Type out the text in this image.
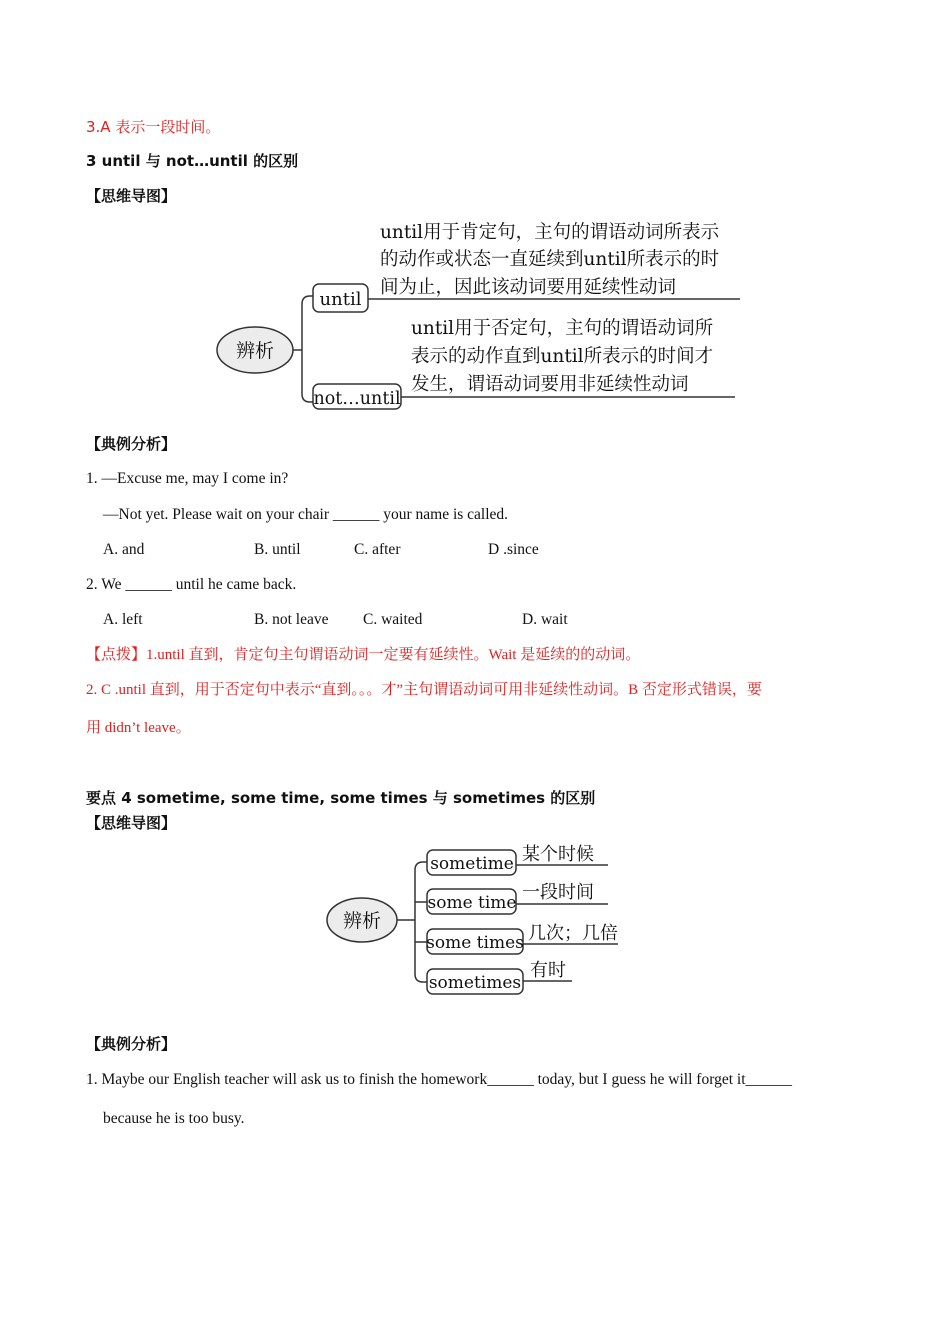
3.A 表示一段时间。
3 until 与 not…until 的区别
【思维导图】
辨析
until
until用于肯定句，主句的谓语动词所表示
的动作或状态一直延续到until所表示的时
间为止，因此该动词要用延续性动词
not…until
until用于否定句，主句的谓语动词所
表示的动作直到until所表示的时间才
发生，谓语动词要用非延续性动词
【典例分析】
1. —Excuse me, may I come in?
—Not yet. Please wait on your chair ______ your name is called.
A. and	B. until	C. after	D .since
2. We ______ until he came back.
A. left	B. not leave C. waited	D. wait
【点拨】1.until 直到，肯定句主句谓语动词一定要有延续性。Wait 是延续的的动词。
2. C .until 直到，用于否定句中表示“直到。。。才”主句谓语动词可用非延续性动词。B 否定形式错误，要
用 didn’t leave。
要点 4 sometime, some time, some times 与 sometimes 的区别
【思维导图】
辨析
sometime 某个时候
some time 一段时间
some times 几次；几倍
sometimes
有时
【典例分析】
1. Maybe our English teacher will ask us to finish the homework______ today, but I guess he will forget it______
because he is too busy.
